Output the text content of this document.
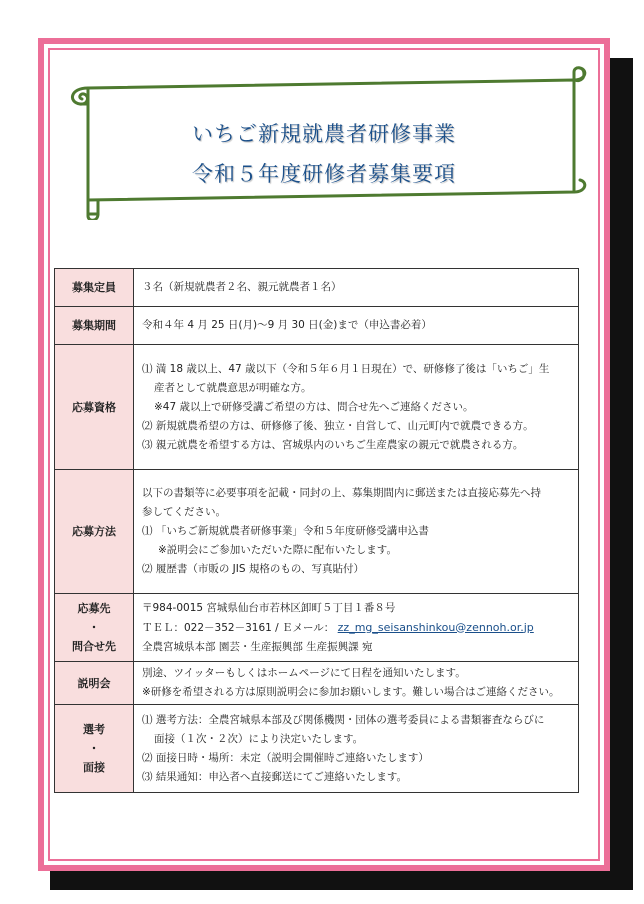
いちご新規就農者研修事業
令和５年度研修者募集要項
募集定員	３名（新規就農者２名、親元就農者１名）

募集期間	令和４年 4 月 25 日(月)～9 月 30 日(金)まで（申込書必着）

応募資格	⑴ 満 18 歳以上、47 歳以下（令和５年６月１日現在）で、研修修了後は「いちご」生
産者として就農意思が明確な方。
※47 歳以上で研修受講ご希望の方は、問合せ先へご連絡ください。
⑵ 新規就農希望の方は、研修修了後、独立・自営して、山元町内で就農できる方。
⑶ 親元就農を希望する方は、宮城県内のいちご生産農家の親元で就農される方。

応募方法	以下の書類等に必要事項を記載・同封の上、募集期間内に郵送または直接応募先へ持
参してください。
⑴ 「いちご新規就農者研修事業」令和５年度研修受講申込書
※説明会にご参加いただいた際に配布いたします。
⑵ 履歴書（市販の JIS 規格のもの、写真貼付）

応募先
・
問合せ先	〒984-0015 宮城県仙台市若林区卸町５丁目１番８号
ＴＥＬ：022－352－3161 / Ｅメール： zz_mg_seisanshinkou@zennoh.or.jp
全農宮城県本部 園芸・生産振興部 生産振興課 宛

説明会	別途、ツイッターもしくはホームページにて日程を通知いたします。
※研修を希望される方は原則説明会に参加お願いします。難しい場合はご連絡ください。

選考
・
面接	⑴ 選考方法：全農宮城県本部及び関係機関・団体の選考委員による書類審査ならびに
面接（１次・２次）により決定いたします。
⑵ 面接日時・場所：未定（説明会開催時ご連絡いたします）
⑶ 結果通知：申込者へ直接郵送にてご連絡いたします。
